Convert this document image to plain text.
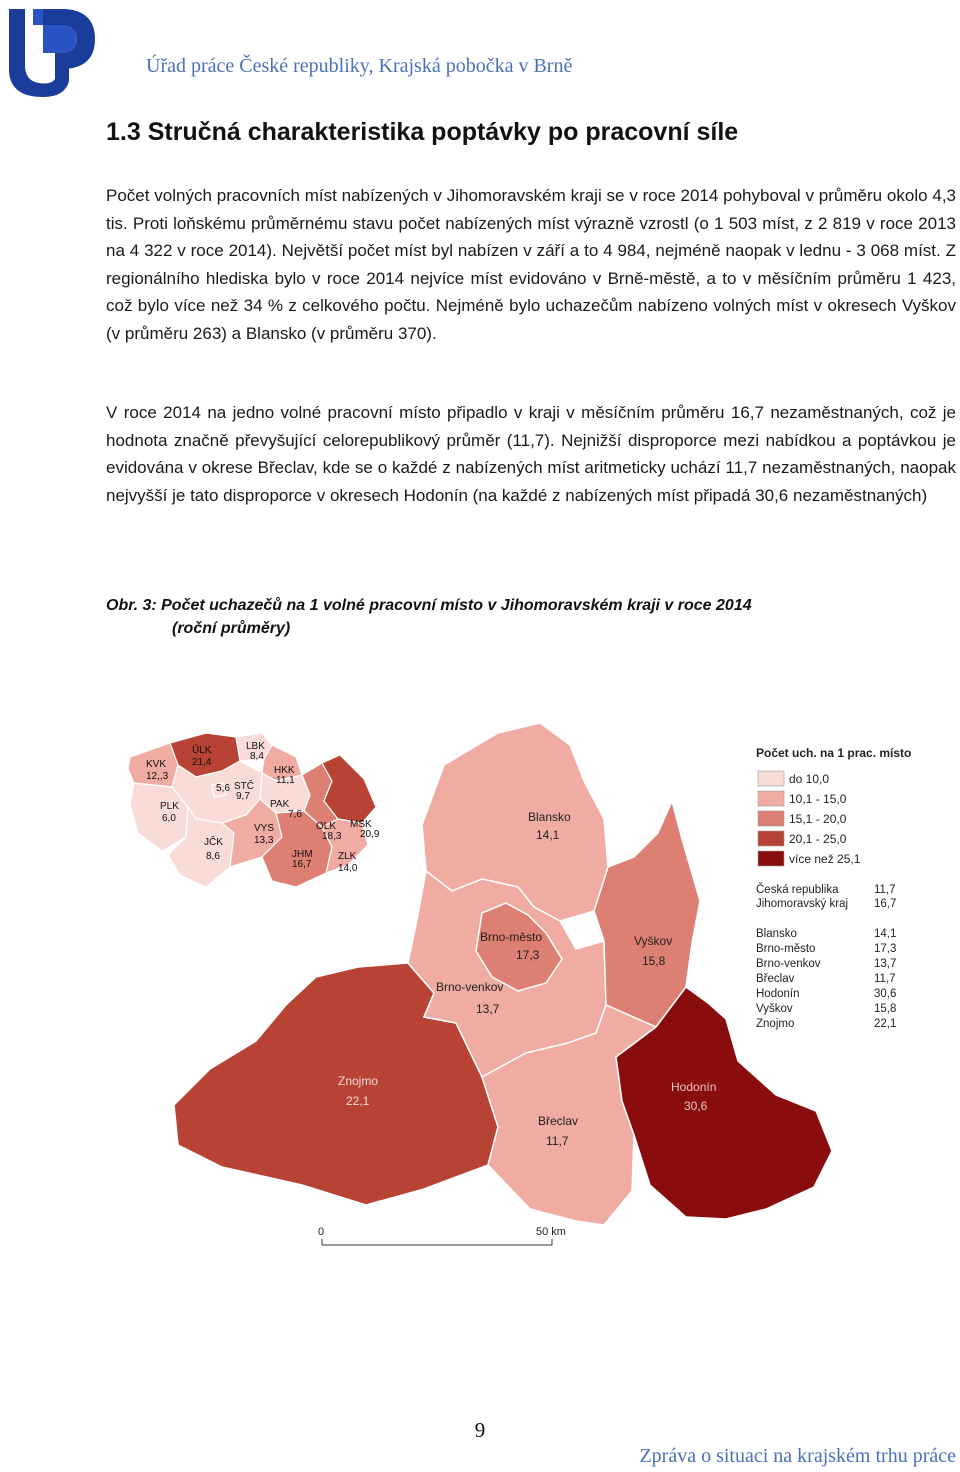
Úřad práce České republiky, Krajská pobočka v Brně
1.3 Stručná charakteristika poptávky po pracovní síle

Počet volných pracovních míst nabízených v Jihomoravském kraji se v roce 2014 pohyboval v průměru okolo 4,3 tis. Proti loňskému průměrnému stavu počet nabízených míst výrazně vzrostl (o 1 503 míst, z 2 819 v roce 2013 na 4 322 v roce 2014). Největší počet míst byl nabízen v září a to 4 984, nejméně naopak v lednu - 3 068 míst. Z regionálního hlediska bylo v roce 2014 nejvíce míst evidováno v Brně-městě, a to v měsíčním průměru 1 423, což bylo více než 34 % z celkového počtu. Nejméně bylo uchazečům nabízeno volných míst v okresech Vyškov (v průměru 263) a Blansko (v průměru 370).

V roce 2014 na jedno volné pracovní místo připadlo v kraji v měsíčním průměru 16,7 nezaměstnaných, což je hodnota značně převyšující celorepublikový průměr (11,7). Nejnižší disproporce mezi nabídkou a poptávkou je evidována v okrese Břeclav, kde se o každé z nabízených míst aritmeticky uchází 11,7 nezaměstnaných, naopak nejvyšší je tato disproporce v okresech Hodonín (na každé z nabízených míst připadá 30,6 nezaměstnaných)

Obr. 3: Počet uchazečů na 1 volné pracovní místo v Jihomoravském kraji v roce 2014
(roční průměry)
KVK
12,,3
ÚLK
21,4
LBK
8,4
HKK
11,1
PLK
6,0
5,6 STČ
9,7
PAK
7,6
JČK
8,6
VYS
13,3
JHM
16,7
OLK
18,3
MSK
20,9
ZLK
14,0
Blansko
14,1
Brno-město
17,3
Brno-venkov
13,7
Břeclav
11,7
Hodonín
30,6
Vyškov
15,8
Znojmo
22,1
Počet uch. na 1 prac. místo
do 10,0
10,1 - 15,0
15,1 - 20,0
20,1 - 25,0
více než 25,1
Česká republika	11,7
Jihomoravský kraj 16,7
Blansko	14,1
Brno-město	17,3
Brno-venkov	13,7
Břeclav	11,7
Hodonín	30,6
Vyškov	15,8
Znojmo	22,1
0	50 km
9
Zpráva o situaci na krajském trhu práce
